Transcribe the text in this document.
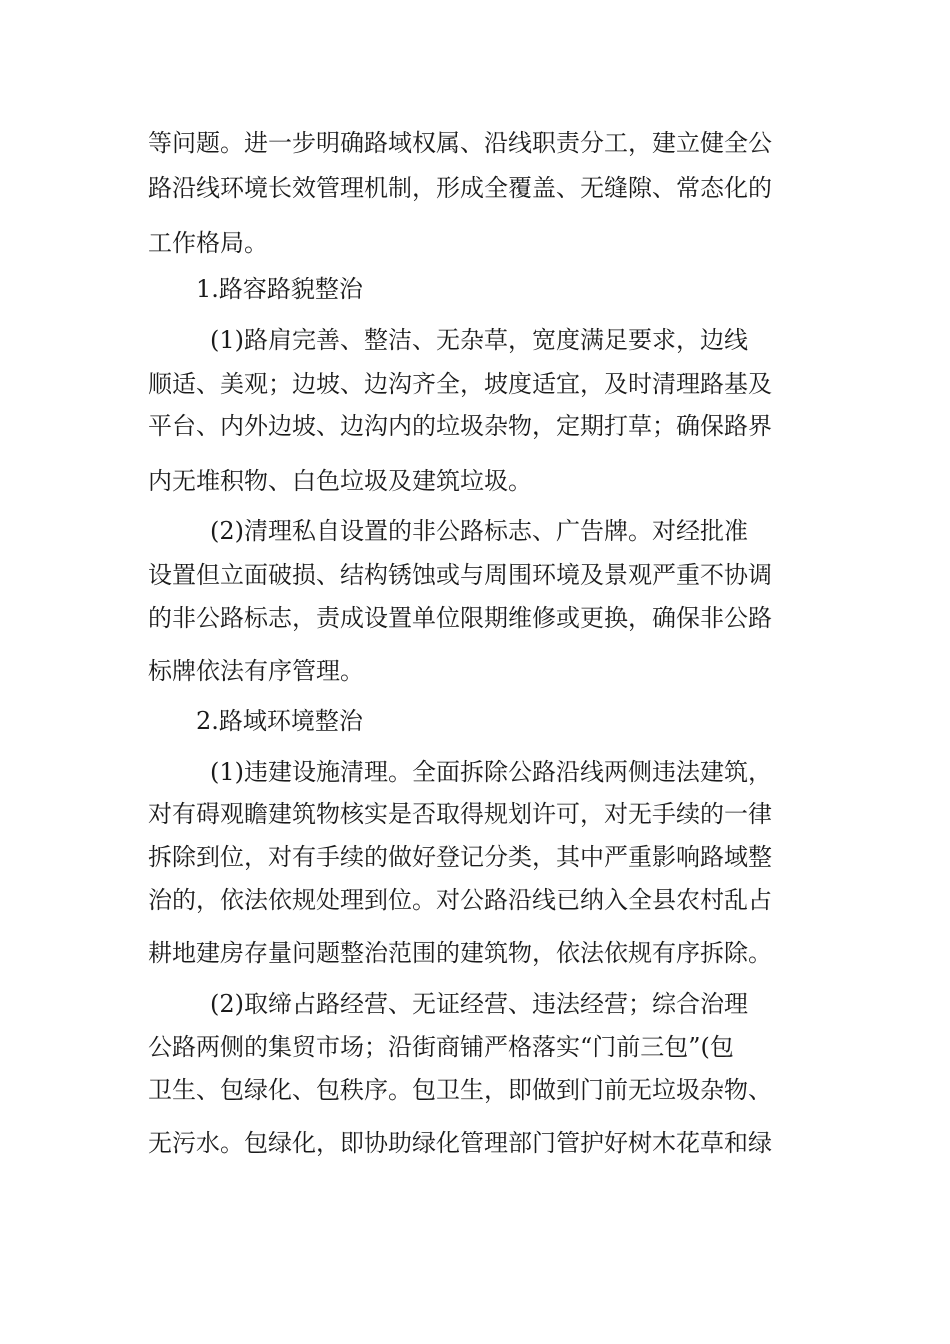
等问题。进一步明确路域权属、沿线职责分工，建立健全公
路沿线环境长效管理机制，形成全覆盖、无缝隙、常态化的
工作格局。
1.路容路貌整治
(1)路肩完善、整洁、无杂草，宽度满足要求，边线
顺适、美观；边坡、边沟齐全，坡度适宜，及时清理路基及
平台、内外边坡、边沟内的垃圾杂物，定期打草；确保路界
内无堆积物、白色垃圾及建筑垃圾。
(2)清理私自设置的非公路标志、广告牌。对经批准
设置但立面破损、结构锈蚀或与周围环境及景观严重不协调
的非公路标志，责成设置单位限期维修或更换，确保非公路
标牌依法有序管理。
2.路域环境整治
(1)违建设施清理。全面拆除公路沿线两侧违法建筑，
对有碍观瞻建筑物核实是否取得规划许可，对无手续的一律
拆除到位，对有手续的做好登记分类，其中严重影响路域整
治的，依法依规处理到位。对公路沿线已纳入全县农村乱占
耕地建房存量问题整治范围的建筑物，依法依规有序拆除。
(2)取缔占路经营、无证经营、违法经营；综合治理
公路两侧的集贸市场；沿街商铺严格落实“门前三包”(包
卫生、包绿化、包秩序。包卫生，即做到门前无垃圾杂物、
无污水。包绿化，即协助绿化管理部门管护好树木花草和绿
